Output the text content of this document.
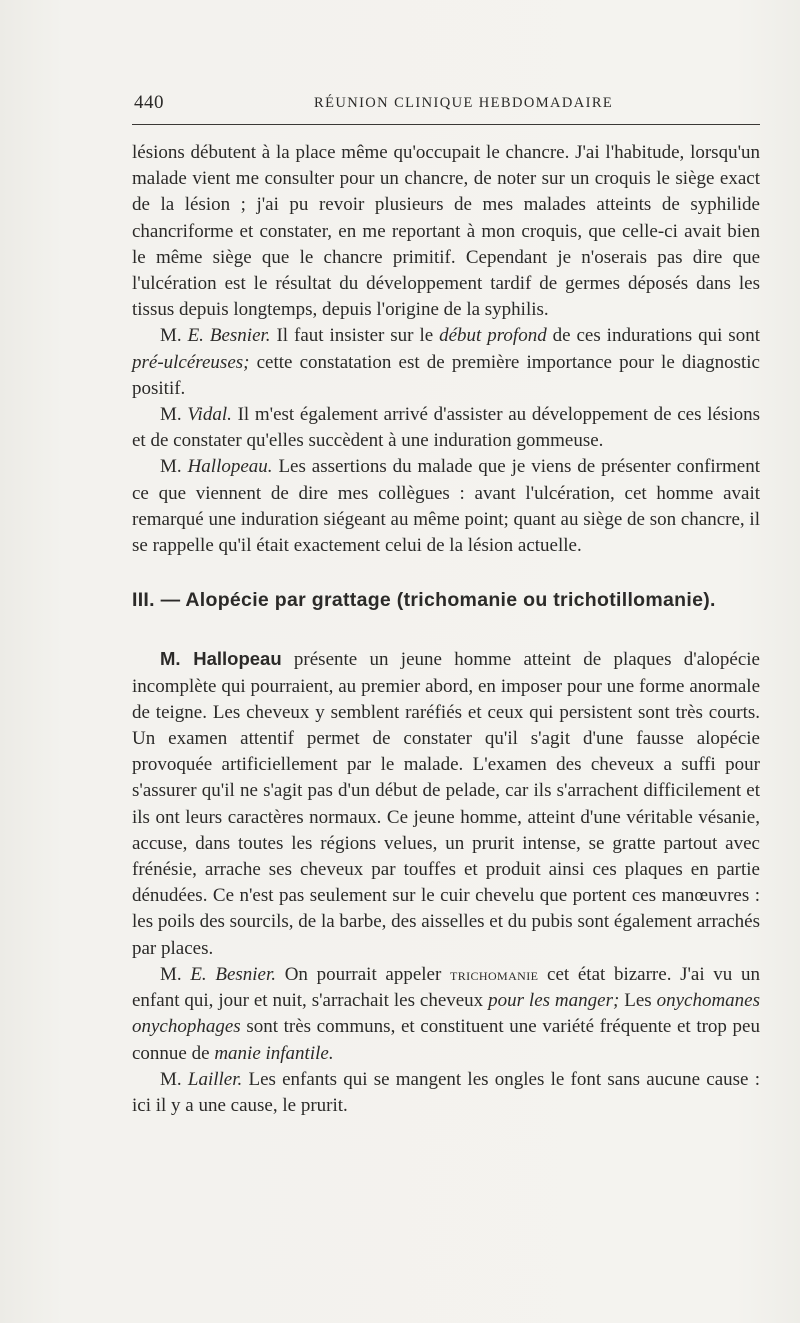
440	RÉUNION CLINIQUE HEBDOMADAIRE

lésions débutent à la place même qu'occupait le chancre. J'ai l'habitude, lorsqu'un malade vient me consulter pour un chancre, de noter sur un croquis le siège exact de la lésion ; j'ai pu revoir plusieurs de mes malades atteints de syphilide chancriforme et constater, en me reportant à mon croquis, que celle-ci avait bien le même siège que le chancre primitif. Cependant je n'oserais pas dire que l'ulcération est le résultat du développement tardif de germes déposés dans les tissus depuis longtemps, depuis l'origine de la syphilis.

M. E. Besnier. Il faut insister sur le début profond de ces indurations qui sont pré-ulcéreuses; cette constatation est de première importance pour le diagnostic positif.

M. Vidal. Il m'est également arrivé d'assister au développement de ces lésions et de constater qu'elles succèdent à une induration gommeuse.

M. Hallopeau. Les assertions du malade que je viens de présenter confirment ce que viennent de dire mes collègues : avant l'ulcération, cet homme avait remarqué une induration siégeant au même point; quant au siège de son chancre, il se rappelle qu'il était exactement celui de la lésion actuelle.

III. — Alopécie par grattage (trichomanie ou trichotillomanie).

M. Hallopeau présente un jeune homme atteint de plaques d'alopécie incomplète qui pourraient, au premier abord, en imposer pour une forme anormale de teigne. Les cheveux y semblent raréfiés et ceux qui persistent sont très courts. Un examen attentif permet de constater qu'il s'agit d'une fausse alopécie provoquée artificiellement par le malade. L'examen des cheveux a suffi pour s'assurer qu'il ne s'agit pas d'un début de pelade, car ils s'arrachent difficilement et ils ont leurs caractères normaux. Ce jeune homme, atteint d'une véritable vésanie, accuse, dans toutes les régions velues, un prurit intense, se gratte partout avec frénésie, arrache ses cheveux par touffes et produit ainsi ces plaques en partie dénudées. Ce n'est pas seulement sur le cuir chevelu que portent ces manœuvres : les poils des sourcils, de la barbe, des aisselles et du pubis sont également arrachés par places.

M. E. Besnier. On pourrait appeler trichomanie cet état bizarre. J'ai vu un enfant qui, jour et nuit, s'arrachait les cheveux pour les manger; Les onychomanes onychophages sont très communs, et constituent une variété fréquente et trop peu connue de manie infantile.

M. Lailler. Les enfants qui se mangent les ongles le font sans aucune cause : ici il y a une cause, le prurit.
